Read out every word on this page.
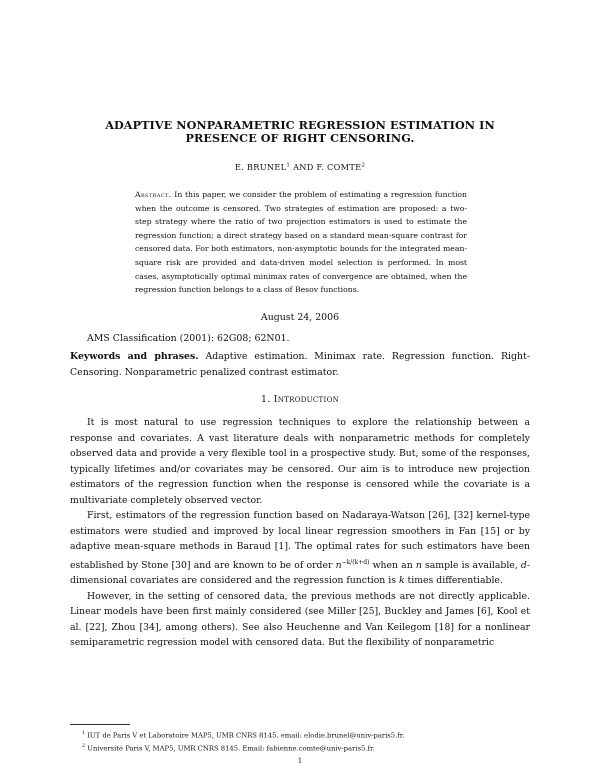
ADAPTIVE NONPARAMETRIC REGRESSION ESTIMATION IN
PRESENCE OF RIGHT CENSORING.
E. BRUNEL$^1$ AND F. COMTE$^2$
Abstract. In this paper, we consider the problem of estimating a regression function when the outcome is censored. Two strategies of estimation are proposed: a two-step strategy where the ratio of two projection estimators is used to estimate the regression function; a direct strategy based on a standard mean-square contrast for censored data. For both estimators, non-asymptotic bounds for the integrated mean-square risk are provided and data-driven model selection is performed. In most cases, asymptotically optimal minimax rates of convergence are obtained, when the regression function belongs to a class of Besov functions.
August 24, 2006
AMS Classification (2001): 62G08; 62N01.
Keywords and phrases. Adaptive estimation. Minimax rate. Regression function. Right-Censoring. Nonparametric penalized contrast estimator.
1. Introduction

It is most natural to use regression techniques to explore the relationship between a response and covariates. A vast literature deals with nonparametric methods for completely observed data and provide a very flexible tool in a prospective study. But, some of the responses, typically lifetimes and/or covariates may be censored. Our aim is to introduce new projection estimators of the regression function when the response is censored while the covariate is a multivariate completely observed vector.

First, estimators of the regression function based on Nadaraya-Watson [26], [32] kernel-type estimators were studied and improved by local linear regression smoothers in Fan [15] or by adaptive mean-square methods in Baraud [1]. The optimal rates for such estimators have been established by Stone [30] and are known to be of order $n^{-k/(k+d)}$ when an n sample is available, d-dimensional covariates are considered and the regression function is k times differentiable.

However, in the setting of censored data, the previous methods are not directly applicable. Linear models have been first mainly considered (see Miller [25], Buckley and James [6], Kool et al. [22], Zhou [34], among others). See also Heuchenne and Van Keilegom [18] for a nonlinear semiparametric regression model with censored data. But the flexibility of nonparametric

$^1$ IUT de Paris V et Laboratoire MAP5, UMR CNRS 8145. email: elodie.brunel@univ-paris5.fr.
$^2$ Université Paris V, MAP5, UMR CNRS 8145. Email: fabienne.comte@univ-paris5.fr.
1
